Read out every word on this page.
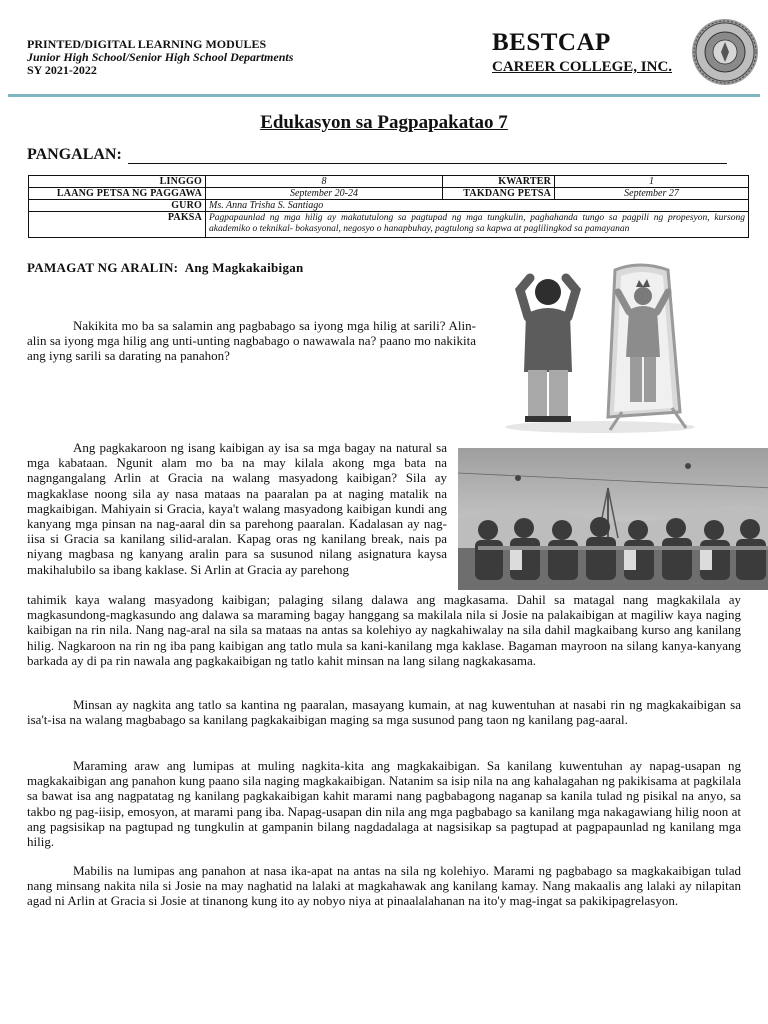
PRINTED/DIGITAL LEARNING MODULES
Junior High School/Senior High School Departments
SY 2021-2022
BESTCAP
CAREER COLLEGE, INC.
Edukasyon sa Pagpapakatao 7
PANGALAN:
LINGGO	8	KWARTER	1
LAANG PETSA NG PAGGAWA	September 20-24	TAKDANG PETSA	September 27
GURO	Ms. Anna Trisha S. Santiago		
PAKSA	Pagpapaunlad ng mga hilig ay makatutulong sa pagtupad ng mga tungkulin, paghahanda tungo sa pagpili ng propesyon, kursong akademiko o teknikal- bokasyonal, negosyo o hanapbuhay, pagtulong sa kapwa at paglilingkod sa pamayanan		
PAMAGAT NG ARALIN: Ang Magkakaibigan

Nakikita mo ba sa salamin ang pagbabago sa iyong mga hilig at sarili? Alin- alin sa iyong mga hilig ang unti-unting nagbabago o nawawala na? paano mo nakikita ang iyng sarili sa darating na panahon?

Ang pagkakaroon ng isang kaibigan ay isa sa mga bagay na natural sa mga kabataan. Ngunit alam mo ba na may kilala akong mga bata na nagngangalang Arlin at Gracia na walang masyadong kaibigan? Sila ay magkaklase noong sila ay nasa mataas na paaralan pa at naging matalik na magkaibigan. Mahiyain si Gracia, kaya't walang masyadong kaibigan kundi ang kanyang mga pinsan na nag-aaral din sa parehong paaralan. Kadalasan ay nag-iisa si Gracia sa kanilang silid-aralan. Kapag oras ng kanilang break, nais pa niyang magbasa ng kanyang aralin para sa susunod nilang asignatura kaysa makihalubilo sa ibang kaklase. Si Arlin at Gracia ay parehong

tahimik kaya walang masyadong kaibigan; palaging silang dalawa ang magkasama. Dahil sa matagal nang magkakilala ay magkasundong-magkasundo ang dalawa sa maraming bagay hanggang sa makilala nila si Josie na palakaibigan at magiliw kaya naging kaibigan na rin nila. Nang nag-aral na sila sa mataas na antas sa kolehiyo ay nagkahiwalay na sila dahil magkaibang kurso ang kanilang hilig. Nagkaroon na rin ng iba pang kaibigan ang tatlo mula sa kani-kanilang mga kaklase. Bagaman mayroon na silang kanya-kanyang barkada ay di pa rin nawala ang pagkakaibigan ng tatlo kahit minsan na lang silang nagkakasama.

Minsan ay nagkita ang tatlo sa kantina ng paaralan, masayang kumain, at nag kuwentuhan at nasabi rin ng magkakaibigan sa isa't-isa na walang magbabago sa kanilang pagkakaibigan maging sa mga susunod pang taon ng kanilang pag-aaral.

Maraming araw ang lumipas at muling nagkita-kita ang magkakaibigan. Sa kanilang kuwentuhan ay napag-usapan ng magkakaibigan ang panahon kung paano sila naging magkakaibigan. Natanim sa isip nila na ang kahalagahan ng pakikisama at pagkilala sa bawat isa ang nagpatatag ng kanilang pagkakaibigan kahit marami nang pagbabagong naganap sa kanila tulad ng pisikal na anyo, sa takbo ng pag-iisip, emosyon, at marami pang iba. Napag-usapan din nila ang mga pagbabago sa kanilang mga nakagawiang hilig noon at ang pagsisikap na pagtupad ng tungkulin at gampanin bilang nagdadalaga at nagsisikap sa pagtupad at pagpapaunlad ng kanilang mga hilig.

Mabilis na lumipas ang panahon at nasa ika-apat na antas na sila ng kolehiyo. Marami ng pagbabago sa magkakaibigan tulad nang minsang nakita nila si Josie na may naghatid na lalaki at magkahawak ang kanilang kamay. Nang makaalis ang lalaki ay nilapitan agad ni Arlin at Gracia si Josie at tinanong kung ito ay nobyo niya at pinaalalahanan na ito'y mag-ingat sa pakikipagrelasyon.
